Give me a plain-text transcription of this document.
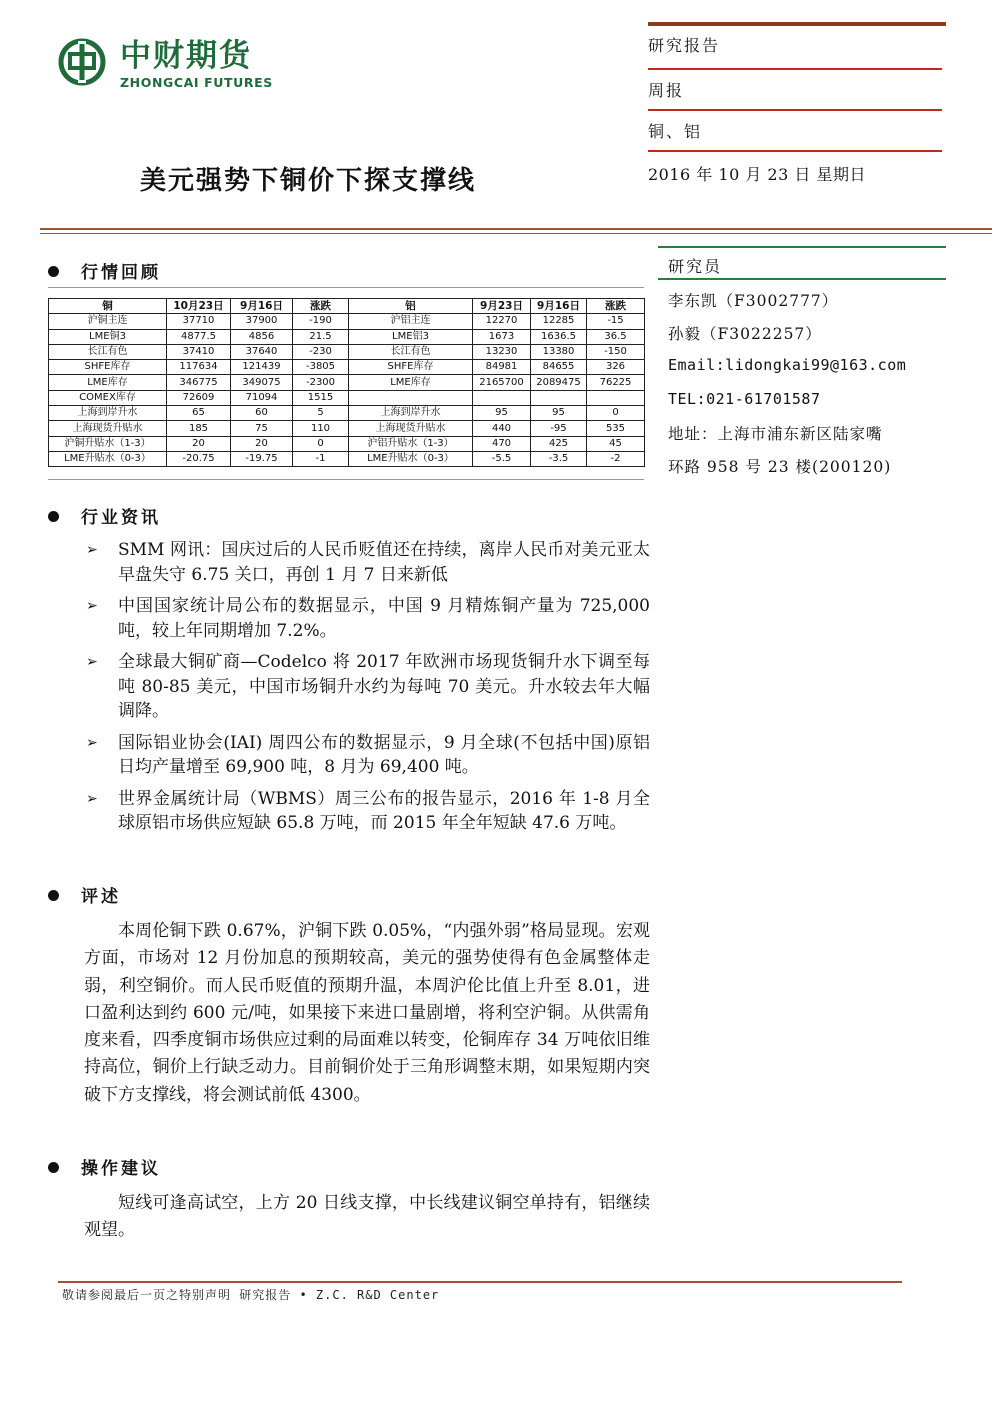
中财期货
ZHONGCAI FUTURES
研究报告
周报
铜、铝
2016 年 10 月 23 日 星期日
美元强势下铜价下探支撑线
行情回顾
铜	10月23日	9月16日	涨跌	铝	9月23日	9月16日	涨跌
沪铜主连	37710	37900	-190	沪铝主连	12270	12285	-15
LME铜3	4877.5	4856	21.5	LME铝3	1673	1636.5	36.5
长江有色	37410	37640	-230	长江有色	13230	13380	-150
SHFE库存	117634	121439	-3805	SHFE库存	84981	84655	326
LME库存	346775	349075	-2300	LME库存	2165700	2089475	76225
COMEX库存	72609	71094	1515				
上海到岸升水	65	60	5	上海到岸升水	95	95	0
上海现货升贴水	185	75	110	上海现货升贴水	440	-95	535
沪铜升贴水（1-3）	20	20	0	沪铝升贴水（1-3）	470	425	45
LME升贴水（0-3）	-20.75	-19.75	-1	LME升贴水（0-3）	-5.5	-3.5	-2
行业资讯
➢ SMM 网讯：国庆过后的人民币贬值还在持续，离岸人民币对美元亚太早盘失守 6.75 关口，再创 1 月 7 日来新低
➢ 中国国家统计局公布的数据显示，中国 9 月精炼铜产量为 725,000 吨，较上年同期增加 7.2%。
➢ 全球最大铜矿商—Codelco 将 2017 年欧洲市场现货铜升水下调至每吨 80-85 美元，中国市场铜升水约为每吨 70 美元。升水较去年大幅调降。
➢ 国际铝业协会(IAI) 周四公布的数据显示，9 月全球(不包括中国)原铝日均产量增至 69,900 吨，8 月为 69,400 吨。
➢ 世界金属统计局（WBMS）周三公布的报告显示，2016 年 1-8 月全球原铝市场供应短缺 65.8 万吨，而 2015 年全年短缺 47.6 万吨。
评述
本周伦铜下跌 0.67%，沪铜下跌 0.05%，“内强外弱”格局显现。宏观方面，市场对 12 月份加息的预期较高，美元的强势使得有色金属整体走弱，利空铜价。而人民币贬值的预期升温，本周沪伦比值上升至 8.01，进口盈利达到约 600 元/吨，如果接下来进口量剧增，将利空沪铜。从供需角度来看，四季度铜市场供应过剩的局面难以转变，伦铜库存 34 万吨依旧维持高位，铜价上行缺乏动力。目前铜价处于三角形调整末期，如果短期内突破下方支撑线，将会测试前低 4300。
操作建议
短线可逢高试空，上方 20 日线支撑，中长线建议铜空单持有，铝继续观望。
研究员
李东凯（F3002777）
孙毅（F3022257）
Email:lidongkai99@163.com
TEL:021-61701587
地址：上海市浦东新区陆家嘴
环路 958 号 23 楼(200120)
敬请参阅最后一页之特别声明 研究报告 • Z.C. R&D Center
